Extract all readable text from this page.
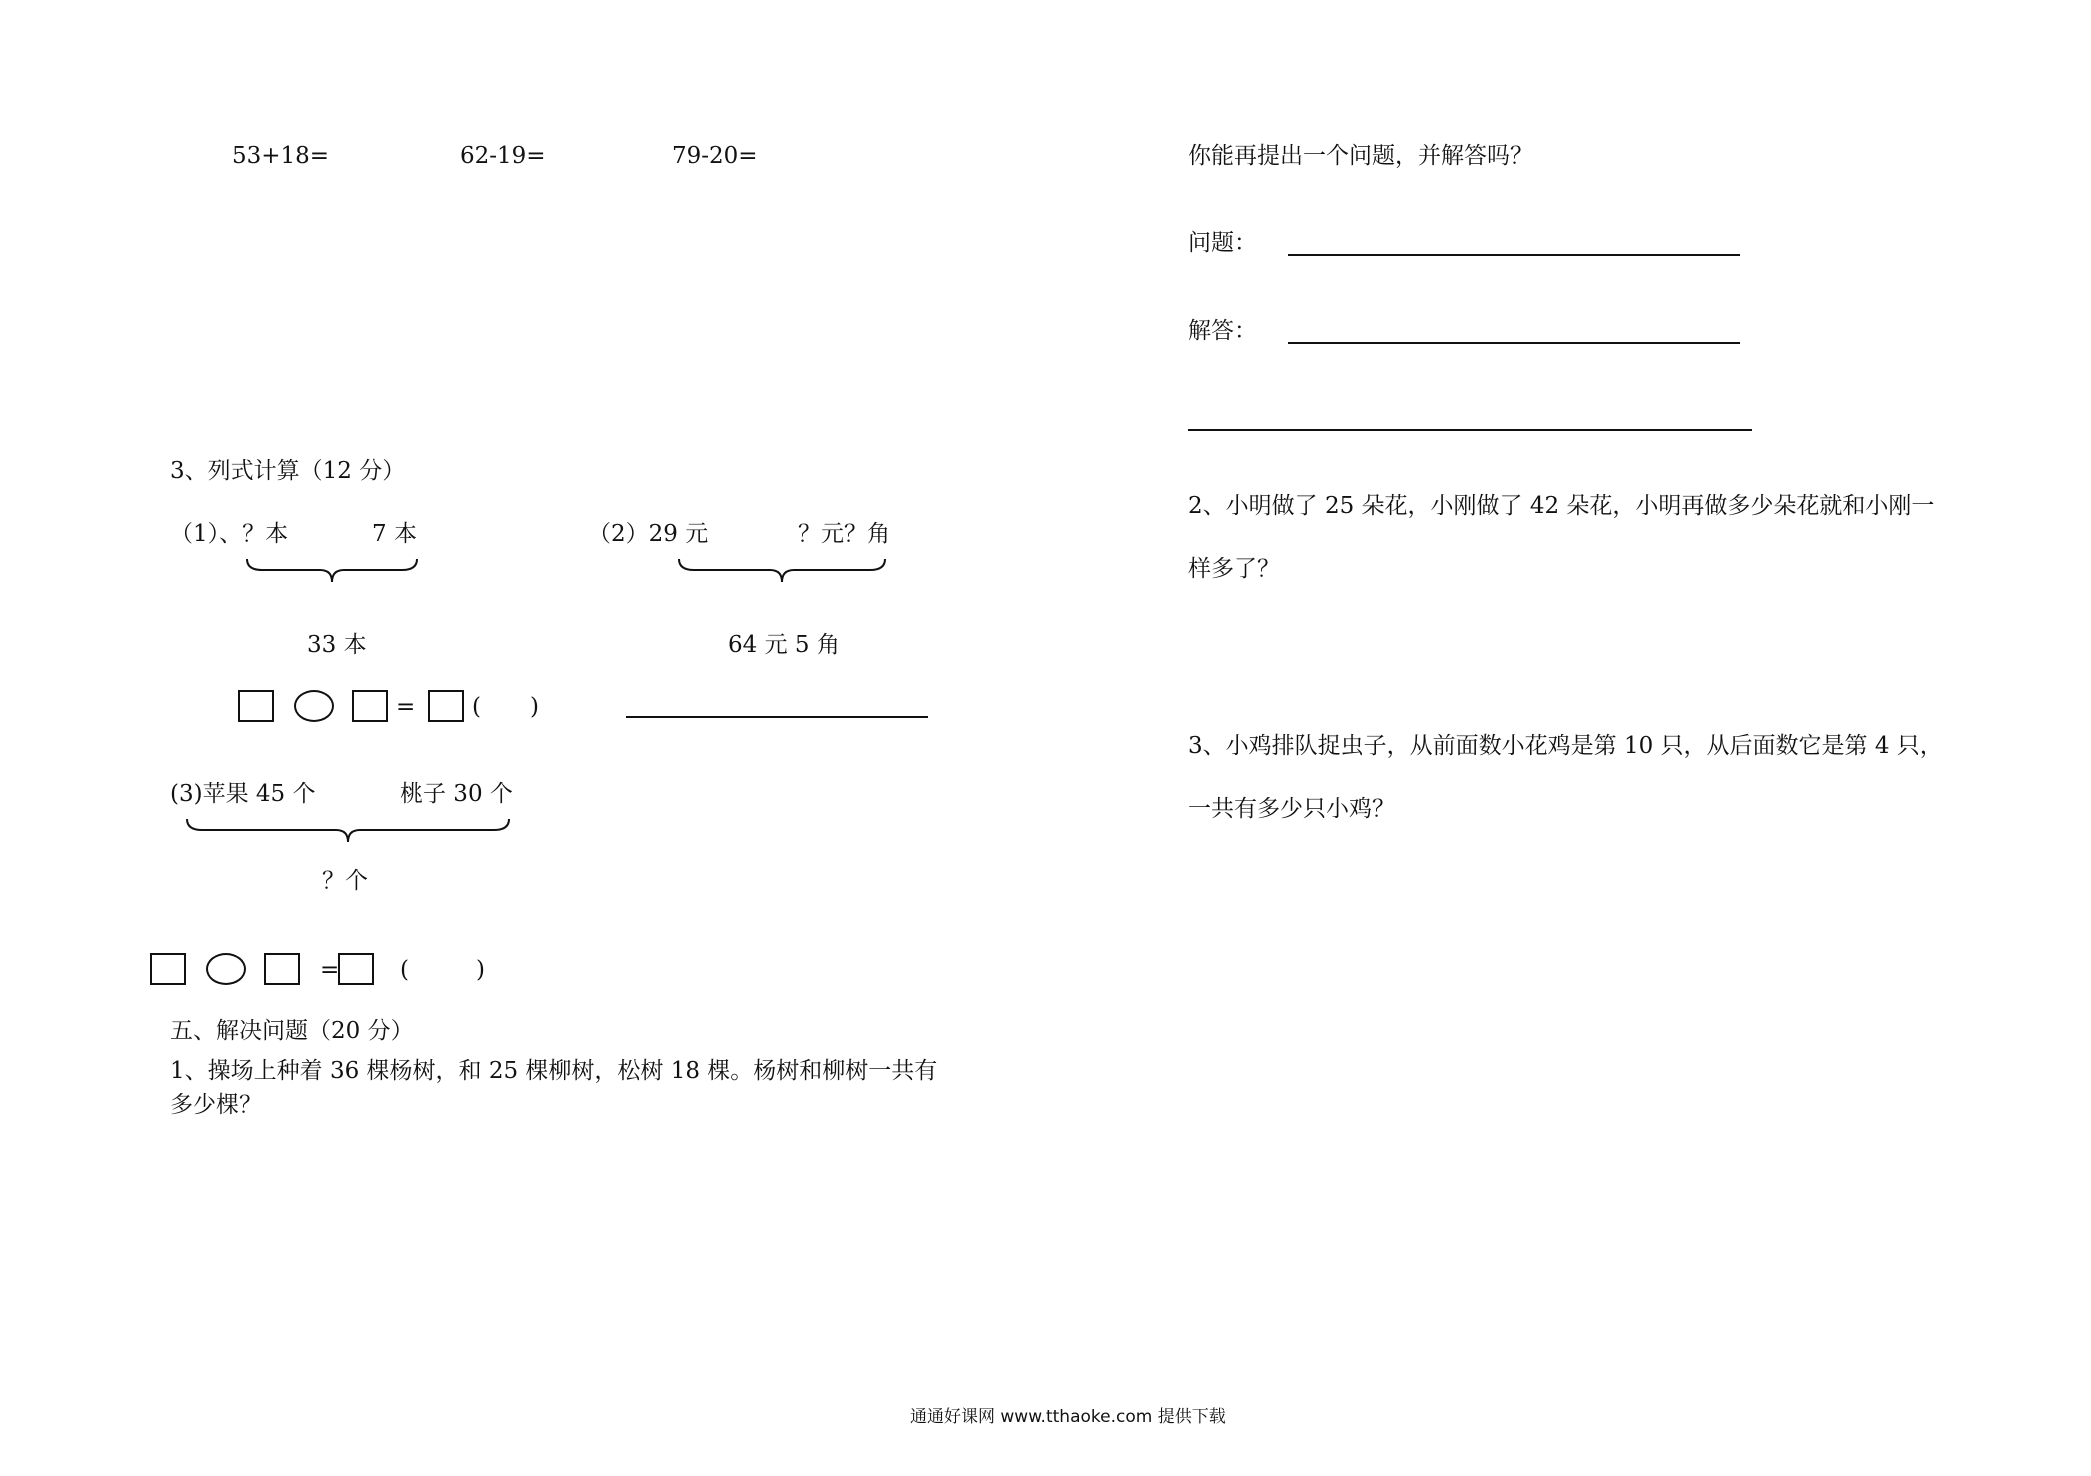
53+18=	62-19=	79-20=
3、列式计算（12 分）
（1）、？本	7 本
33 本
= ( )
（2）29 元	？元？角
64 元 5 角
(3)苹果 45 个	桃子 30 个
？个
=	(	)
五、解决问题（20 分）
1、操场上种着 36 棵杨树，和 25 棵柳树，松树 18 棵。杨树和柳树一共有
多少棵？
你能再提出一个问题，并解答吗？
问题：
解答：
2、小明做了 25 朵花，小刚做了 42 朵花，小明再做多少朵花就和小刚一
样多了？
3、小鸡排队捉虫子，从前面数小花鸡是第 10 只，从后面数它是第 4 只，
一共有多少只小鸡？
通通好课网 www.tthaoke.com 提供下载
